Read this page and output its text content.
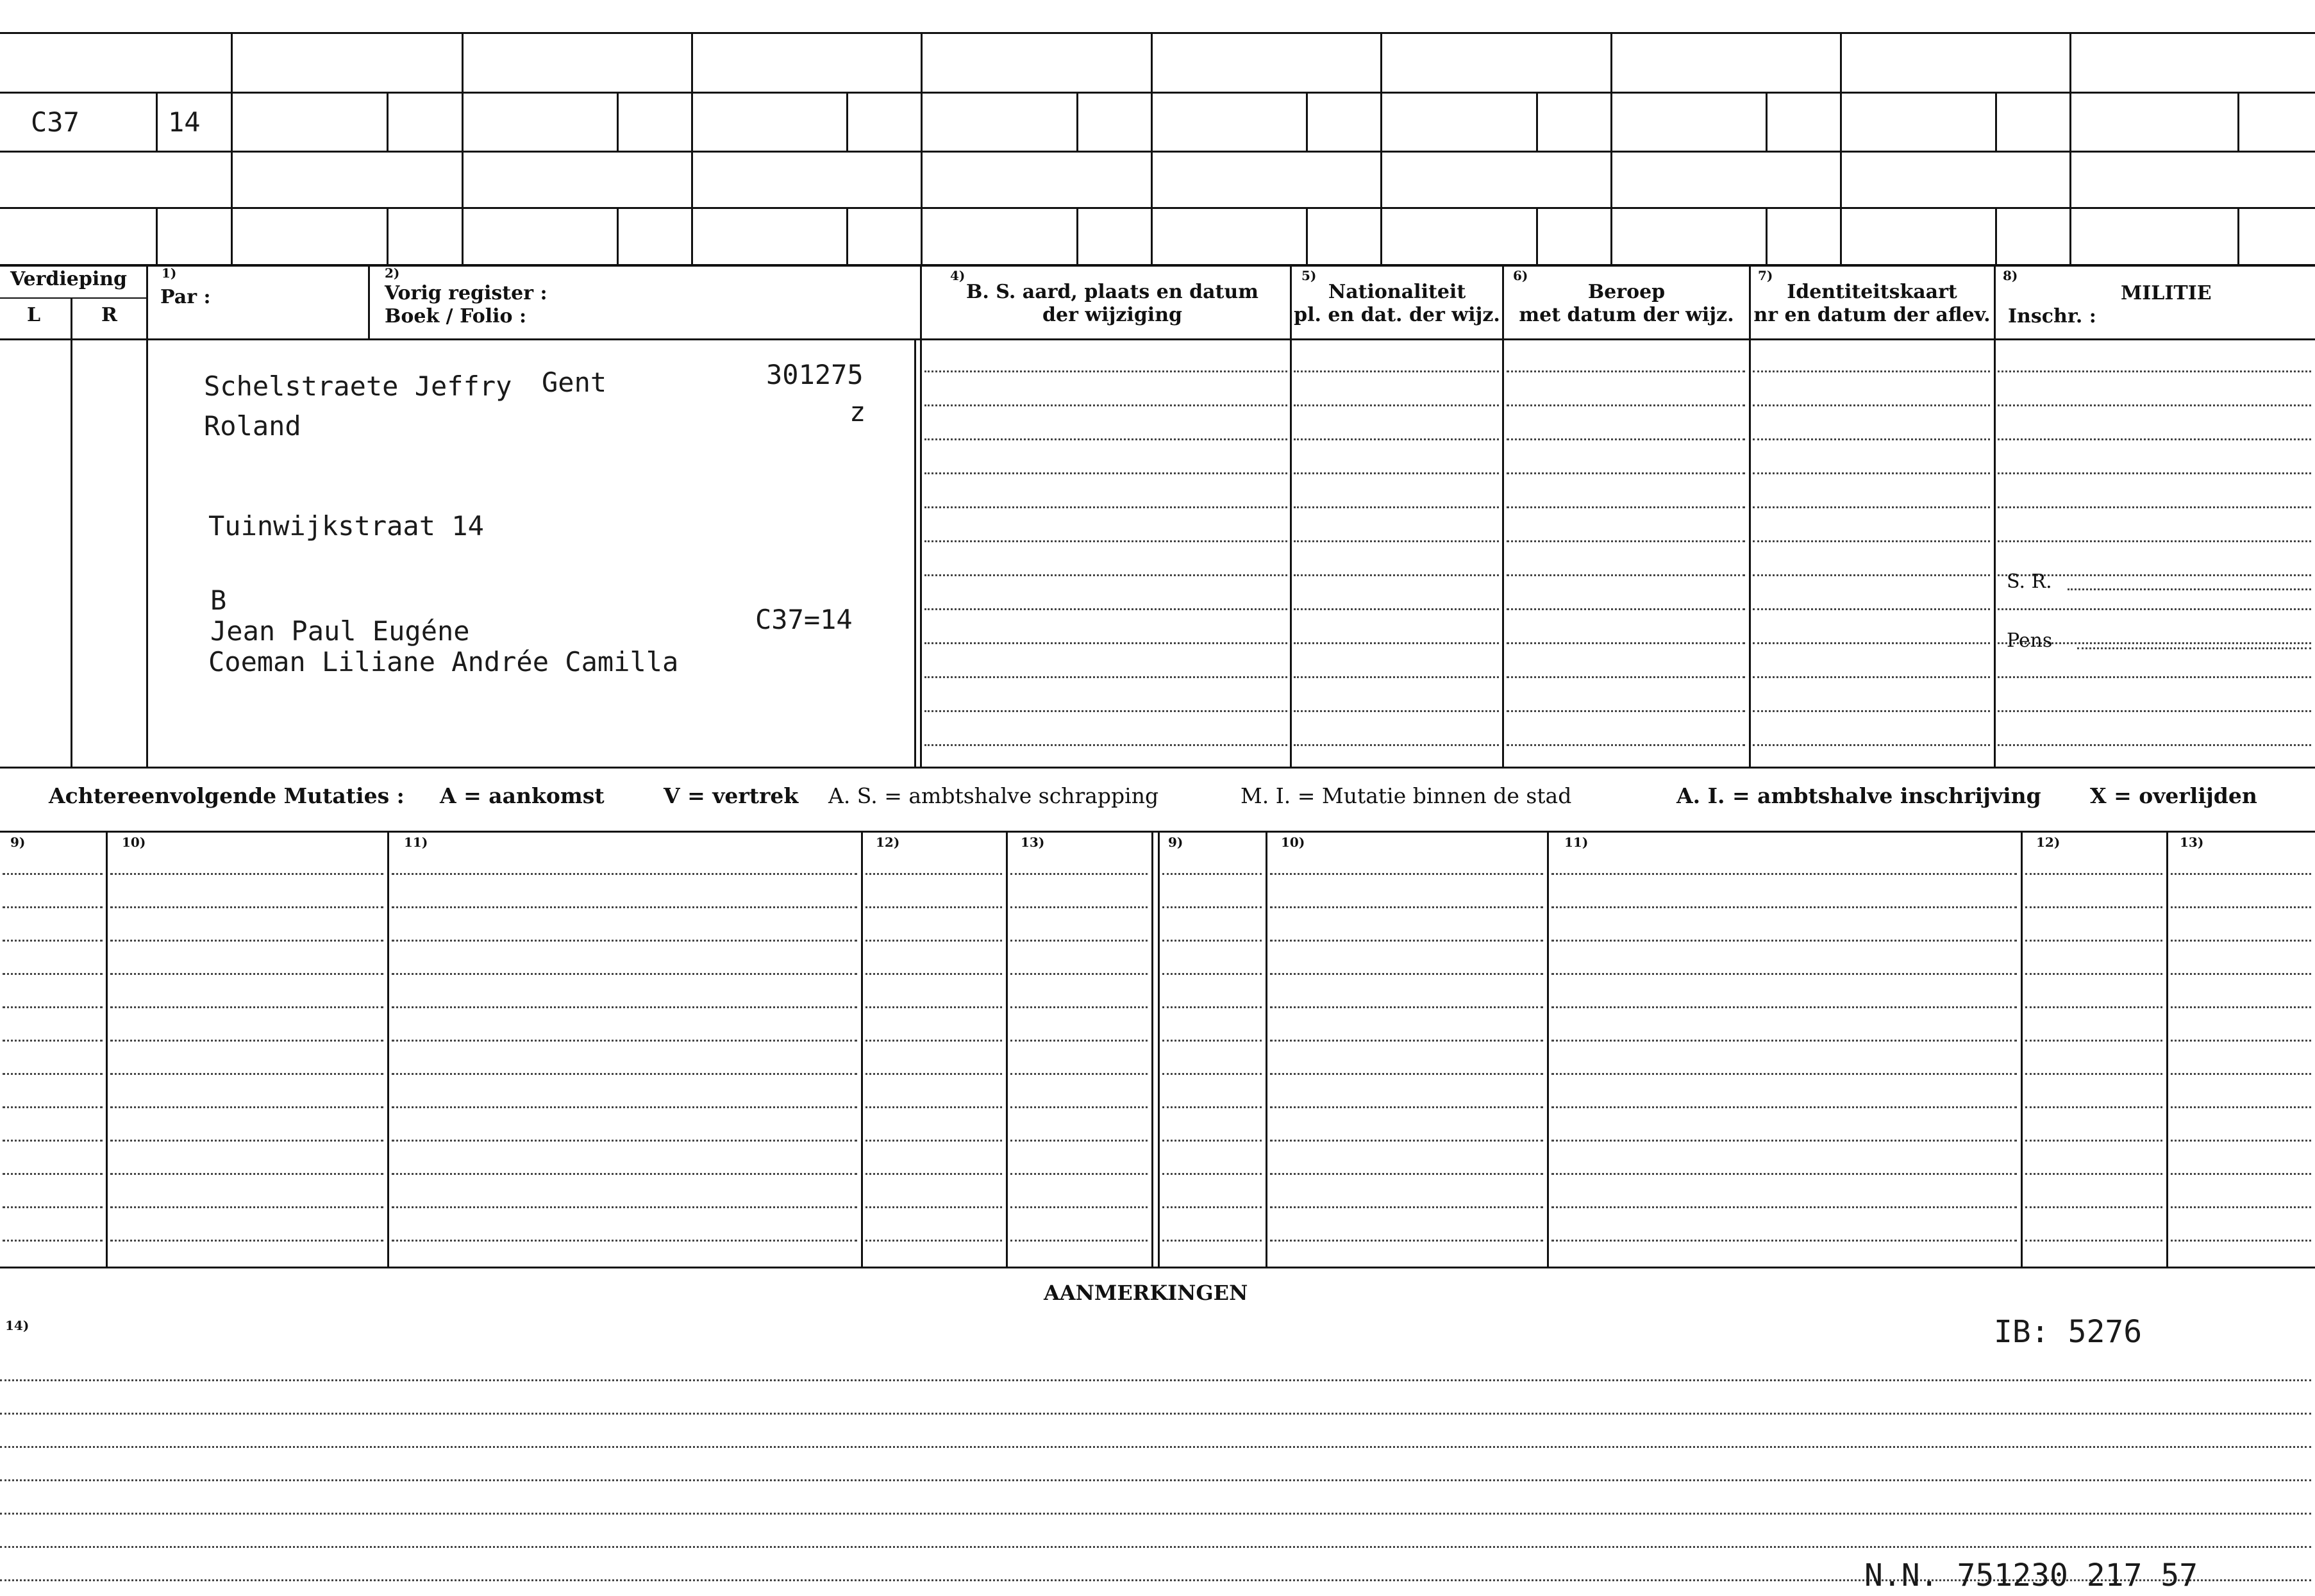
C37	14
Verdieping
L	R
1)
Par :
2)
Vorig register :
Boek / Folio :
4)
B. S. aard, plaats en datum
der wijziging
5)
Nationaliteit
pl. en dat. der wijz.
6)
Beroep
met datum der wijz.
7)
Identiteitskaart
nr en datum der aflev.
8)
MILITIE
Inschr. :
S. R.
Pens
Schelstraete Jeffry Gent	301275
z
Roland
Tuinwijkstraat 14
B
Jean Paul Eugéne	C37=14
Coeman Liliane Andrée Camilla
Achtereenvolgende Mutaties : A = aankomst	V = vertrek A. S. = ambtshalve schrapping	M. I. = Mutatie binnen de stad	A. I. = ambtshalve inschrijving X = overlijden
9)	10)	11)	12)	13)	9)	10)	11)	12)	13)
AANMERKINGEN
14)	IB: 5276
N.N. 751230 217 57
